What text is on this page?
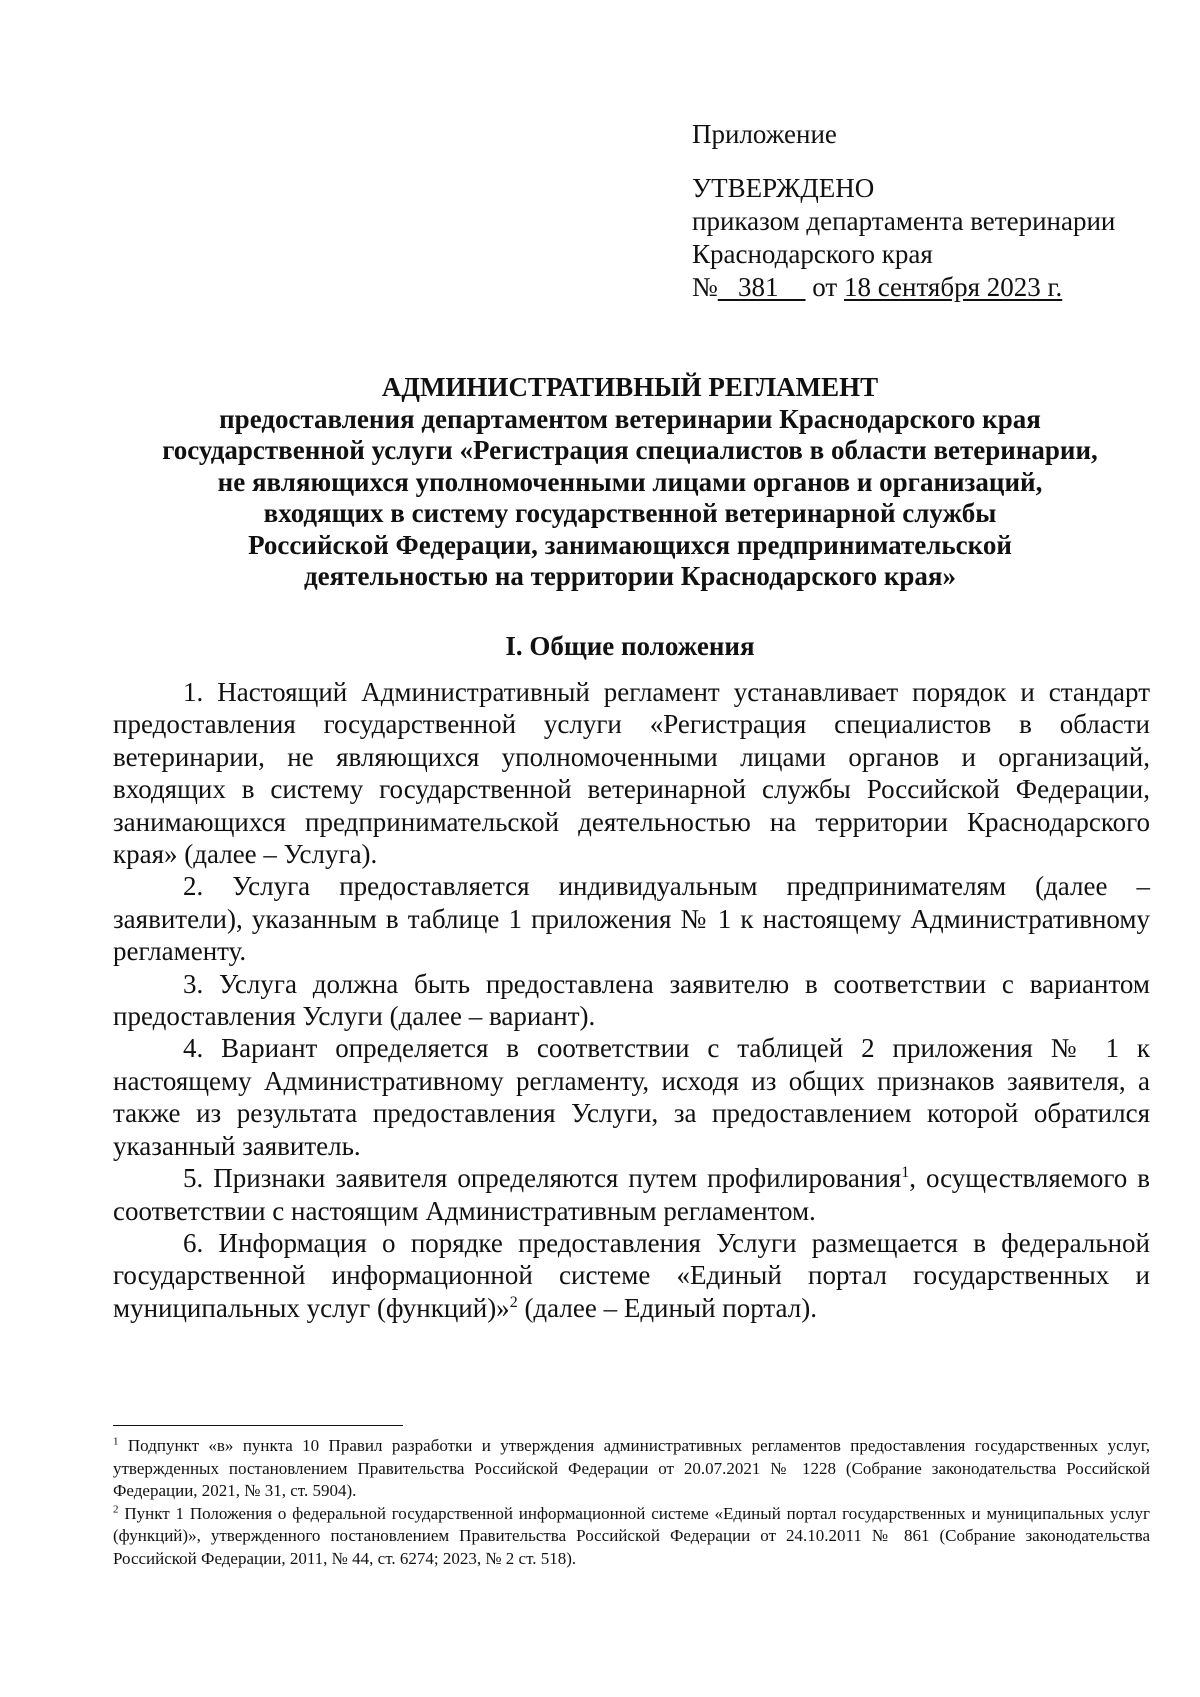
Приложение
УТВЕРЖДЕНО
приказом департамента ветеринарии
Краснодарского края
№ 381 от 18 сентября 2023 г.
АДМИНИСТРАТИВНЫЙ РЕГЛАМЕНТ
предоставления департаментом ветеринарии Краснодарского края
государственной услуги «Регистрация специалистов в области ветеринарии,
не являющихся уполномоченными лицами органов и организаций,
входящих в систему государственной ветеринарной службы
Российской Федерации, занимающихся предпринимательской
деятельностью на территории Краснодарского края»
I. Общие положения

1. Настоящий Административный регламент устанавливает порядок и стандарт предоставления государственной услуги «Регистрация специалистов в области ветеринарии, не являющихся уполномоченными лицами органов и организаций, входящих в систему государственной ветеринарной службы Российской Федерации, занимающихся предпринимательской деятельностью на территории Краснодарского края» (далее – Услуга).

2. Услуга предоставляется индивидуальным предпринимателям (далее – заявители), указанным в таблице 1 приложения № 1 к настоящему Административному регламенту.

3. Услуга должна быть предоставлена заявителю в соответствии с вариантом предоставления Услуги (далее – вариант).

4. Вариант определяется в соответствии с таблицей 2 приложения № 1 к настоящему Административному регламенту, исходя из общих признаков заявителя, а также из результата предоставления Услуги, за предоставлением которой обратился указанный заявитель.

5. Признаки заявителя определяются путем профилирования$^1$, осуществляемого в соответствии с настоящим Административным регламентом.

6. Информация о порядке предоставления Услуги размещается в федеральной государственной информационной системе «Единый портал государственных и муниципальных услуг (функций)»$^2$ (далее – Единый портал).

$^1$ Подпункт «в» пункта 10 Правил разработки и утверждения административных регламентов предоставления государственных услуг, утвержденных постановлением Правительства Российской Федерации от 20.07.2021 № 1228 (Собрание законодательства Российской Федерации, 2021, № 31, ст. 5904).

$^2$ Пункт 1 Положения о федеральной государственной информационной системе «Единый портал государственных и муниципальных услуг (функций)», утвержденного постановлением Правительства Российской Федерации от 24.10.2011 № 861 (Собрание законодательства Российской Федерации, 2011, № 44, ст. 6274; 2023, № 2 ст. 518).
